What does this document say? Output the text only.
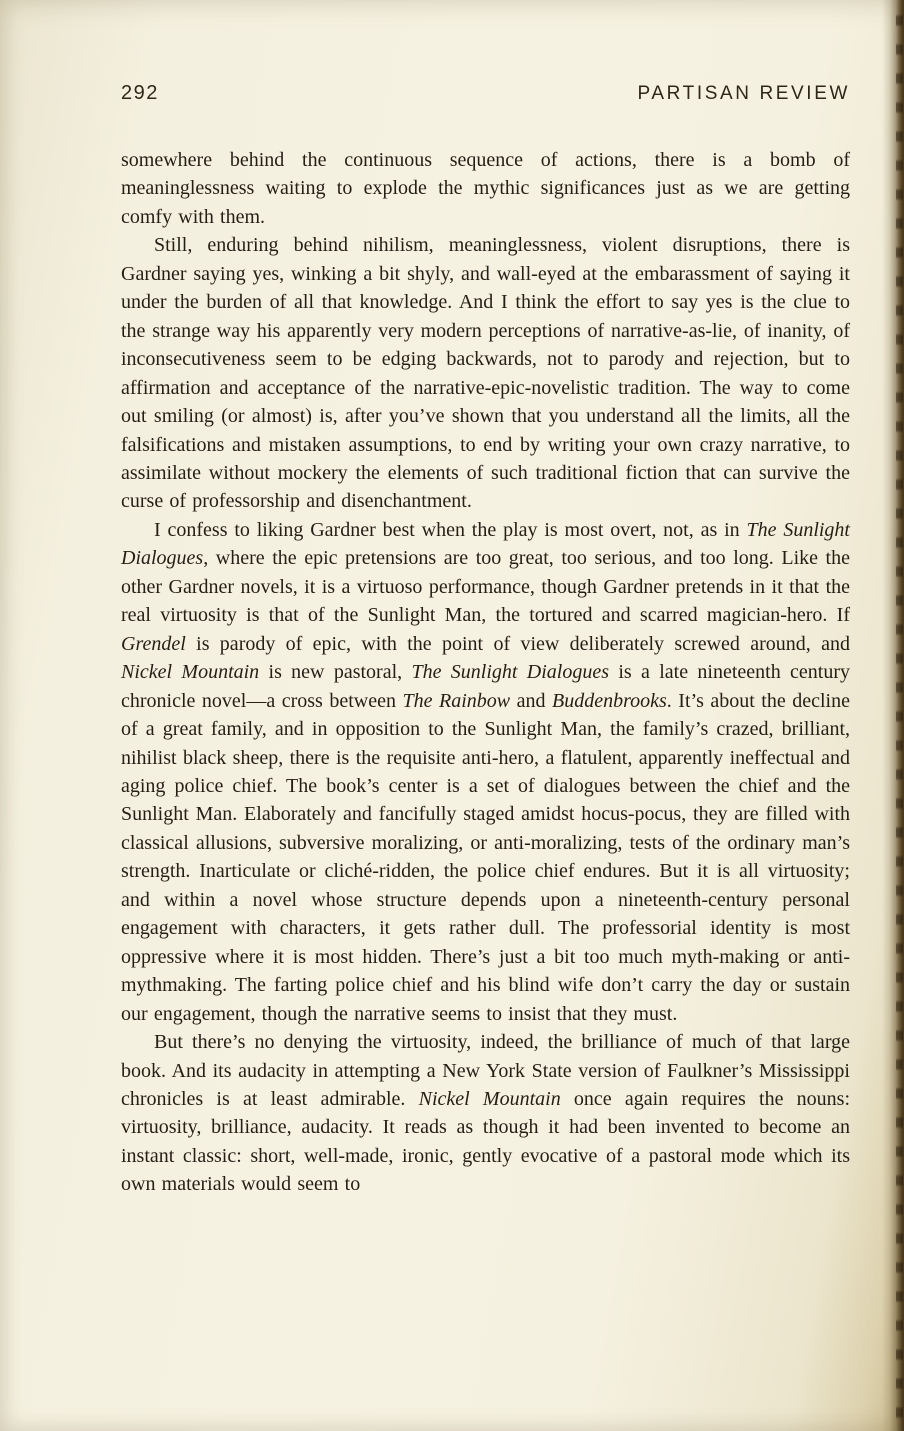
292	PARTISAN REVIEW

somewhere behind the continuous sequence of actions, there is a bomb of meaninglessness waiting to explode the mythic significances just as we are getting comfy with them.

Still, enduring behind nihilism, meaninglessness, violent disruptions, there is Gardner saying yes, winking a bit shyly, and wall-eyed at the embarassment of saying it under the burden of all that knowledge. And I think the effort to say yes is the clue to the strange way his apparently very modern perceptions of narrative-as-lie, of inanity, of inconsecutiveness seem to be edging backwards, not to parody and rejection, but to affirmation and acceptance of the narrative-epic-novelistic tradition. The way to come out smiling (or almost) is, after you’ve shown that you understand all the limits, all the falsifications and mistaken assumptions, to end by writing your own crazy narrative, to assimilate without mockery the elements of such traditional fiction that can survive the curse of professorship and disenchantment.

I confess to liking Gardner best when the play is most overt, not, as in The Sunlight Dialogues, where the epic pretensions are too great, too serious, and too long. Like the other Gardner novels, it is a virtuoso performance, though Gardner pretends in it that the real virtuosity is that of the Sunlight Man, the tortured and scarred magician-hero. If Grendel is parody of epic, with the point of view deliberately screwed around, and Nickel Mountain is new pastoral, The Sunlight Dialogues is a late nineteenth century chronicle novel—a cross between The Rainbow and Buddenbrooks. It’s about the decline of a great family, and in opposition to the Sunlight Man, the family’s crazed, brilliant, nihilist black sheep, there is the requisite anti-hero, a flatulent, apparently ineffectual and aging police chief. The book’s center is a set of dialogues between the chief and the Sunlight Man. Elaborately and fancifully staged amidst hocus-pocus, they are filled with classical allusions, subversive moralizing, or anti-moralizing, tests of the ordinary man’s strength. Inarticulate or cliché-ridden, the police chief endures. But it is all virtuosity; and within a novel whose structure depends upon a nineteenth-century personal engagement with characters, it gets rather dull. The professorial identity is most oppressive where it is most hidden. There’s just a bit too much myth-making or anti-mythmaking. The farting police chief and his blind wife don’t carry the day or sustain our engagement, though the narrative seems to insist that they must.

But there’s no denying the virtuosity, indeed, the brilliance of much of that large book. And its audacity in attempting a New York State version of Faulkner’s Mississippi chronicles is at least admirable. Nickel Mountain once again requires the nouns: virtuosity, brilliance, audacity. It reads as though it had been invented to become an instant classic: short, well-made, ironic, gently evocative of a pastoral mode which its own materials would seem to
